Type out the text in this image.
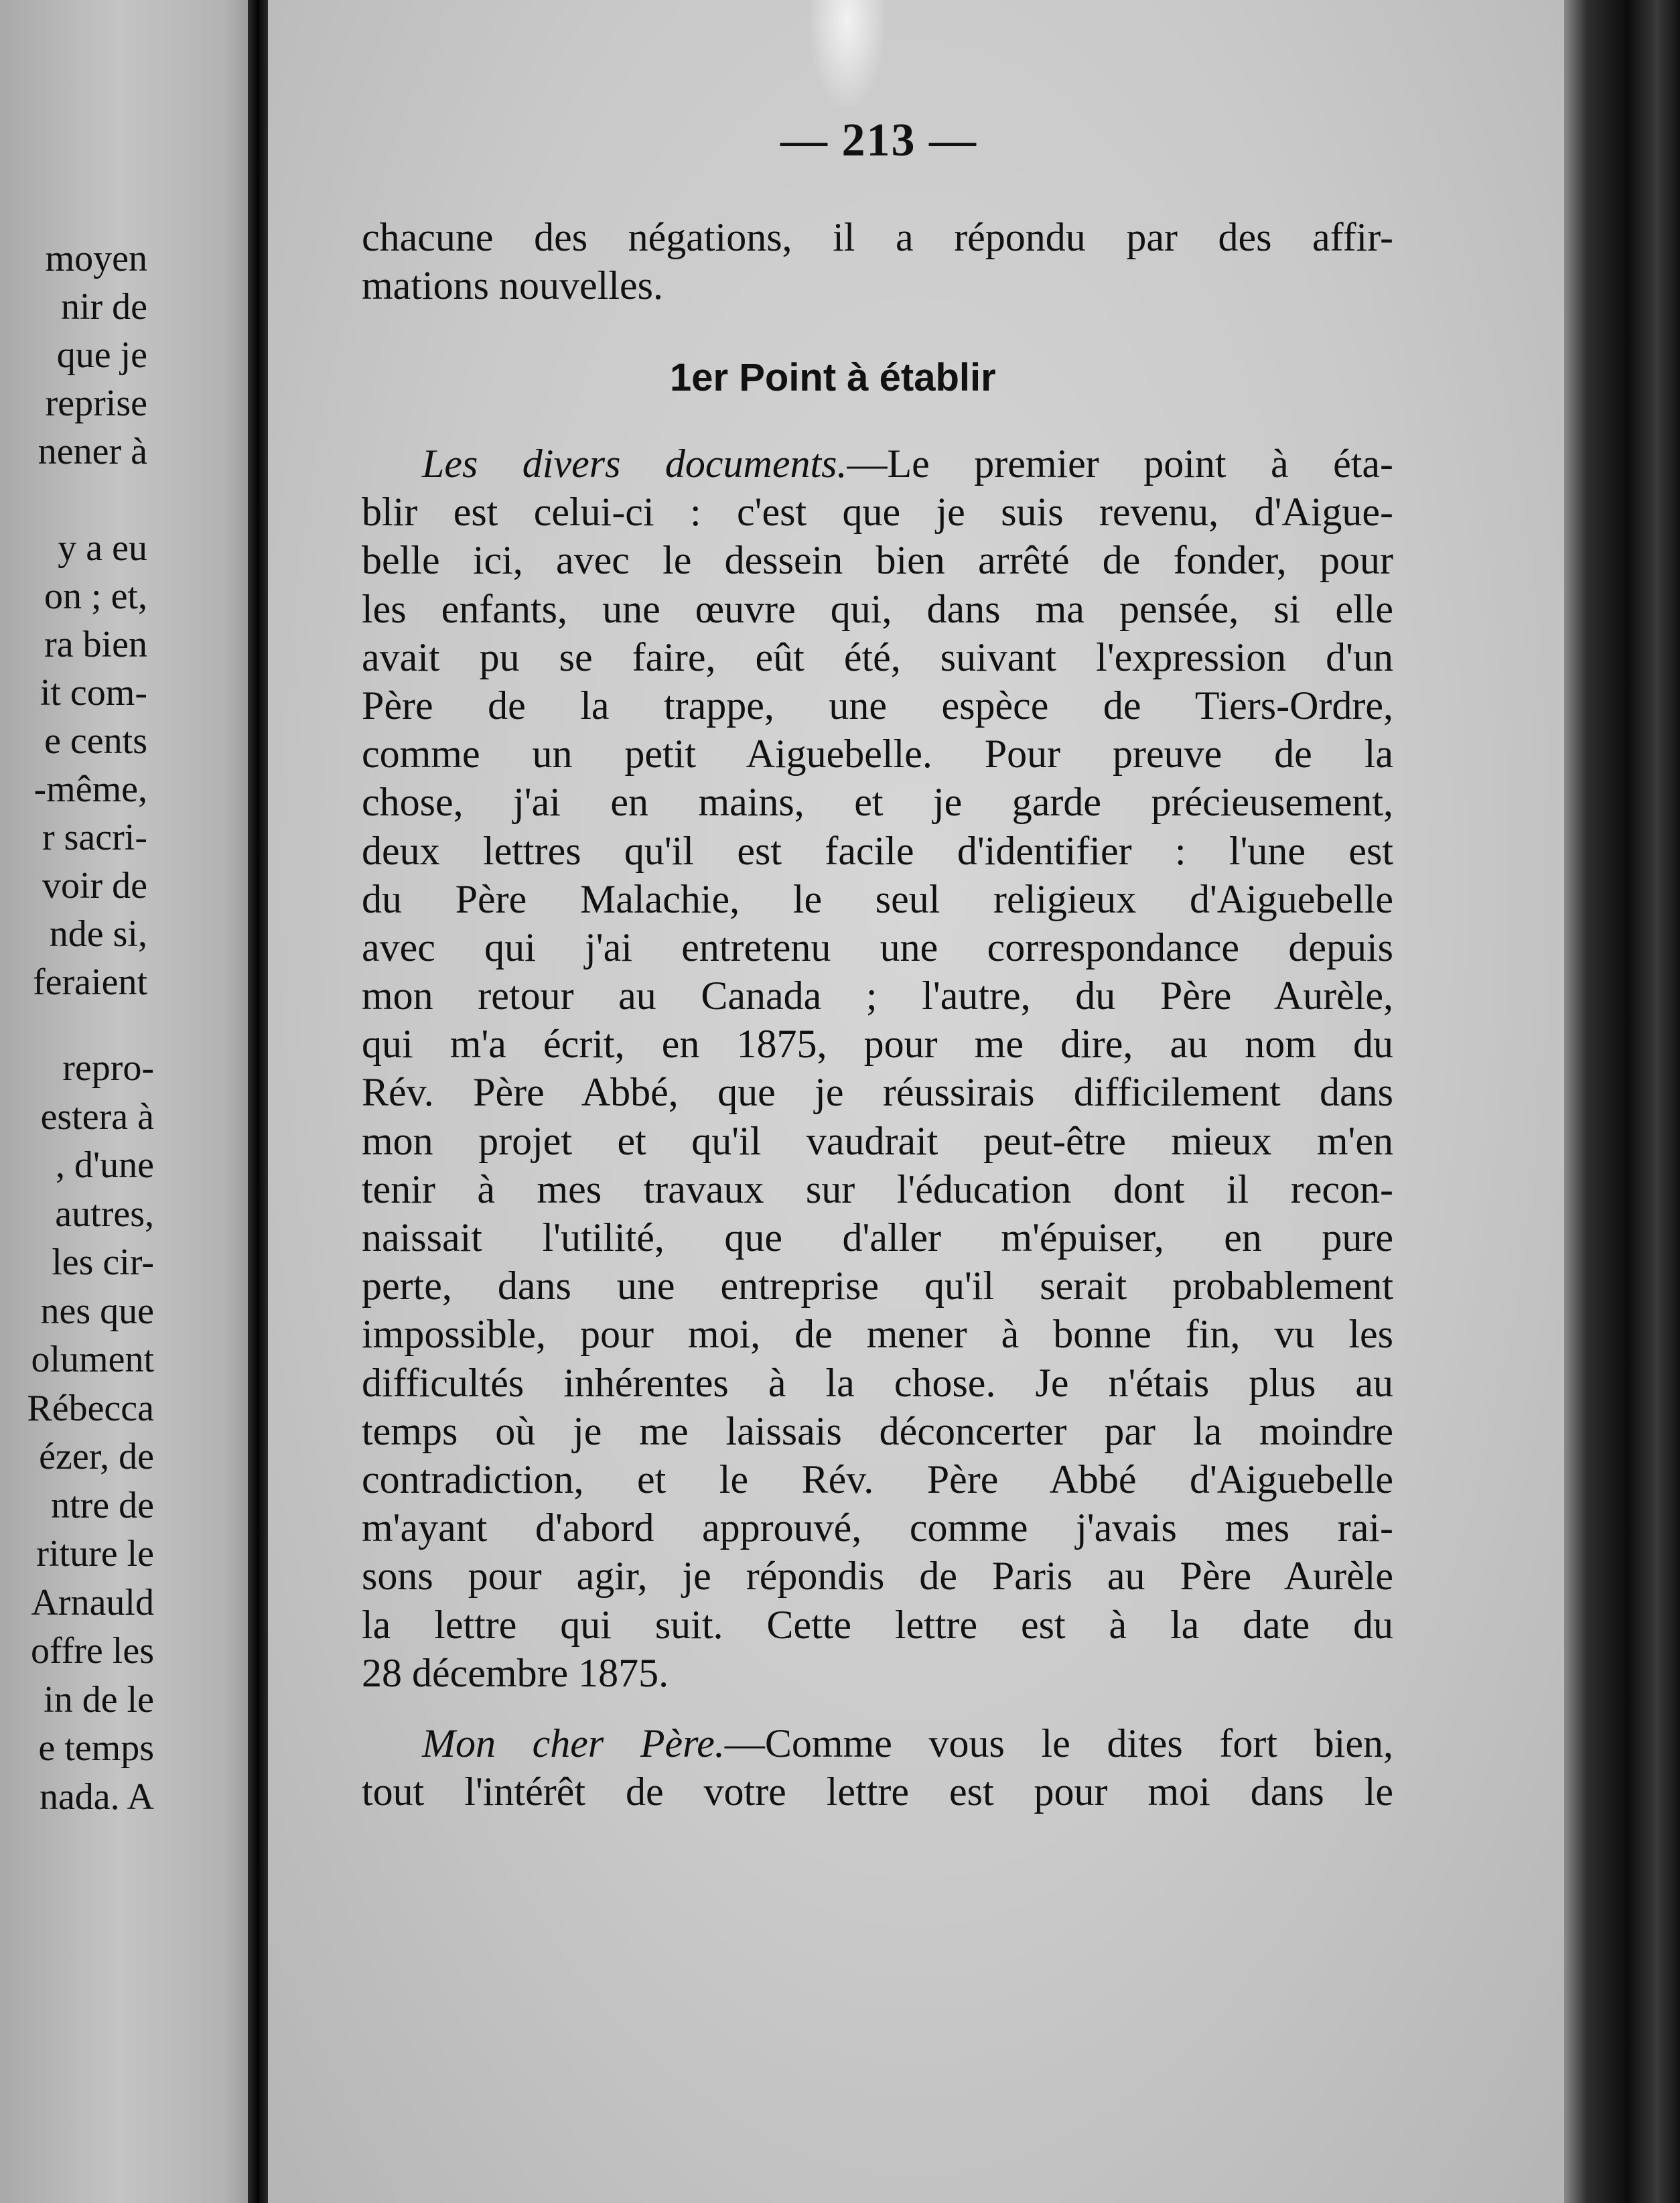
moyen
nir de
que je
reprise
nener à
y a eu
on ; et,
ra bien
it com-
e cents
-même,
r sacri-
voir de
nde si,
feraient
repro-
estera à
, d'une
autres,
les cir-
nes que
olument
Rébecca
ézer, de
ntre de
riture le
Arnauld
offre les
in de le
e temps
nada. A
— 213 —
1er Point à établir
chacune des négations, il a répondu par des affir-
mations nouvelles.
Les divers documents.—Le premier point à éta-
blir est celui-ci : c'est que je suis revenu, d'Aigue-
belle ici, avec le dessein bien arrêté de fonder, pour
les enfants, une œuvre qui, dans ma pensée, si elle
avait pu se faire, eût été, suivant l'expression d'un
Père de la trappe, une espèce de Tiers-Ordre,
comme un petit Aiguebelle. Pour preuve de la
chose, j'ai en mains, et je garde précieusement,
deux lettres qu'il est facile d'identifier : l'une est
du Père Malachie, le seul religieux d'Aiguebelle
avec qui j'ai entretenu une correspondance depuis
mon retour au Canada ; l'autre, du Père Aurèle,
qui m'a écrit, en 1875, pour me dire, au nom du
Rév. Père Abbé, que je réussirais difficilement dans
mon projet et qu'il vaudrait peut-être mieux m'en
tenir à mes travaux sur l'éducation dont il recon-
naissait l'utilité, que d'aller m'épuiser, en pure
perte, dans une entreprise qu'il serait probablement
impossible, pour moi, de mener à bonne fin, vu les
difficultés inhérentes à la chose. Je n'étais plus au
temps où je me laissais déconcerter par la moindre
contradiction, et le Rév. Père Abbé d'Aiguebelle
m'ayant d'abord approuvé, comme j'avais mes rai-
sons pour agir, je répondis de Paris au Père Aurèle
la lettre qui suit. Cette lettre est à la date du
28 décembre 1875.
Mon cher Père.—Comme vous le dites fort bien,
tout l'intérêt de votre lettre est pour moi dans le
